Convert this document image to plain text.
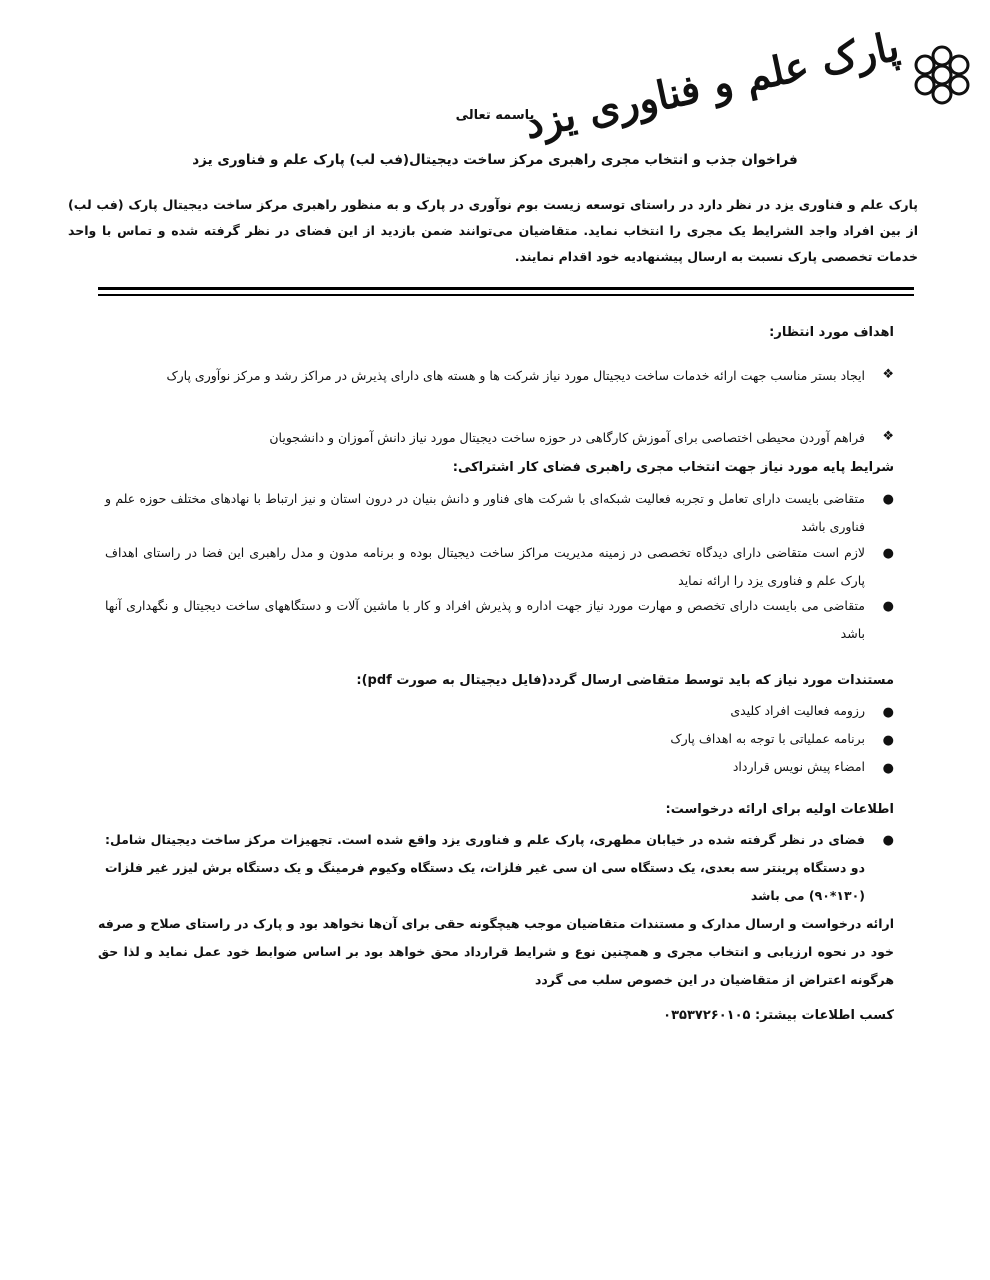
پارک علم و فناوری یزد
باسمه تعالی
فراخوان جذب و انتخاب مجری راهبری مرکز ساخت دیجیتال(فب لب) پارک علم و فناوری یزد
پارک علم و فناوری یزد در نظر دارد در راستای توسعه زیست بوم نوآوری در پارک و به منظور راهبری مرکز ساخت دیجیتال پارک (فب لب) از بین افراد واجد الشرایط یک مجری را انتخاب نماید. متقاضیان می‌توانند ضمن بازدید از این فضای در نظر گرفته شده و تماس با واحد خدمات تخصصی پارک نسبت به ارسال پیشنهادیه خود اقدام نمایند.
اهداف مورد انتظار:
❖
ایجاد بستر مناسب جهت ارائه خدمات ساخت دیجیتال مورد نیاز شرکت ها و هسته های دارای پذیرش در مراکز رشد و مرکز نوآوری پارک
❖
فراهم آوردن محیطی اختصاصی برای آموزش کارگاهی در حوزه ساخت دیجیتال مورد نیاز دانش آموزان و دانشجویان
شرایط پایه مورد نیاز جهت انتخاب مجری راهبری فضای کار اشتراکی:
●
متقاضی بایست دارای تعامل و تجربه فعالیت شبکه‌ای با شرکت های فناور و دانش بنیان در درون استان و نیز ارتباط با نهادهای مختلف حوزه علم و فناوری باشد
●
لازم است متقاضی دارای دیدگاه تخصصی در زمینه مدیریت مراکز ساخت دیجیتال بوده و برنامه مدون و مدل راهبری این فضا در راستای اهداف پارک علم و فناوری یزد را ارائه نماید
●
متقاضی می بایست دارای تخصص و مهارت مورد نیاز جهت اداره و پذیرش افراد و کار با ماشین آلات و دستگاههای ساخت دیجیتال و نگهداری آنها باشد
مستندات مورد نیاز که باید توسط متقاضی ارسال گردد(فایل دیجیتال به صورت pdf):
●
رزومه فعالیت افراد کلیدی
●
برنامه عملیاتی با توجه به اهداف پارک
●
امضاء پیش نویس قرارداد
اطلاعات اولیه برای ارائه درخواست:
●
فضای در نظر گرفته شده در خیابان مطهری، پارک علم و فناوری یزد واقع شده است. تجهیزات مرکز ساخت دیجیتال شامل: دو دستگاه پرینتر سه بعدی، یک دستگاه سی ان سی غیر فلزات، یک دستگاه وکیوم فرمینگ و یک دستگاه برش لیزر غیر فلزات (۱۳۰*۹۰) می باشد
ارائه درخواست و ارسال مدارک و مستندات متقاضیان موجب هیچگونه حقی برای آن‌ها نخواهد بود و پارک در راستای صلاح و صرفه خود در نحوه ارزیابی و انتخاب مجری و همچنین نوع و شرایط قرارداد محق خواهد بود بر اساس ضوابط خود عمل نماید و لذا حق هرگونه اعتراض از متقاضیان در این خصوص سلب می گردد
کسب اطلاعات بیشتر: ۰۳۵۳۷۲۶۰۱۰۵
